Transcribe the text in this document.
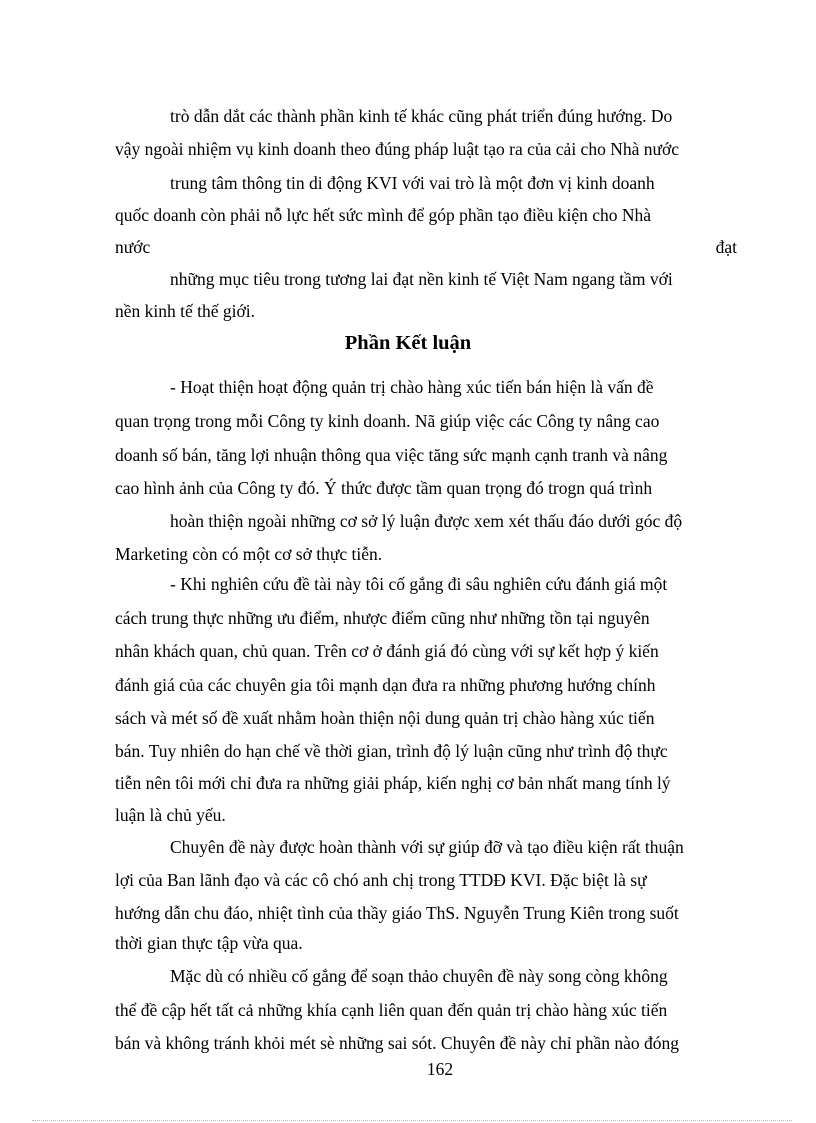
trò dẫn dắt các thành phần kinh tế khác cũng phát triển đúng hướng. Do
vậy ngoài nhiệm vụ kinh doanh theo đúng pháp luật tạo ra của cải cho Nhà nước
trung tâm thông tin di động KVI với vai trò là một đơn vị kinh doanh
quốc doanh còn phải nỗ lực hết sức mình để góp phần tạo điều kiện cho Nhà
nước	đạt
những mục tiêu trong tương lai đạt nền kinh tế Việt Nam ngang tầm với
nền kinh tế thế giới.
Phần Kết luận
- Hoạt thiện hoạt động quản trị chào hàng xúc tiến bán hiện là vấn đề
quan trọng trong mỗi Công ty kinh doanh. Nã giúp việc các Công ty nâng cao
doanh số bán, tăng lợi nhuận thông qua việc tăng sức mạnh cạnh tranh và nâng
cao hình ảnh của Công ty đó. Ý thức được tầm quan trọng đó trogn quá trình
hoàn thiện ngoài những cơ sở lý luận được xem xét thấu đáo dưới góc độ
Marketing còn có một cơ sở thực tiễn.
- Khi nghiên cứu đề tài này tôi cố gắng đi sâu nghiên cứu đánh giá một
cách trung thực những ưu điểm, nhược điểm cũng như những tồn tại nguyên
nhân khách quan, chủ quan. Trên cơ ở đánh giá đó cùng với sự kết hợp ý kiến
đánh giá của các chuyên gia tôi mạnh dạn đưa ra những phương hướng chính
sách và mét số đề xuất nhằm hoàn thiện nội dung quản trị chào hàng xúc tiến
bán. Tuy nhiên do hạn chế về thời gian, trình độ lý luận cũng như trình độ thực
tiễn nên tôi mới chỉ đưa ra những giải pháp, kiến nghị cơ bản nhất mang tính lý
luận là chủ yếu.
Chuyên đề này được hoàn thành với sự giúp đỡ và tạo điều kiện rất thuận
lợi của Ban lãnh đạo và các cô chó anh chị trong TTDĐ KVI. Đặc biệt là sự
hướng dẫn chu đáo, nhiệt tình của thầy giáo ThS. Nguyễn Trung Kiên trong suốt
thời gian thực tập vừa qua.
Mặc dù có nhiều cố gắng để soạn thảo chuyên đề này song còng không
thể đề cập hết tất cả những khía cạnh liên quan đến quản trị chào hàng xúc tiến
bán và không tránh khỏi mét sè những sai sót. Chuyên đề này chỉ phần nào đóng
162
